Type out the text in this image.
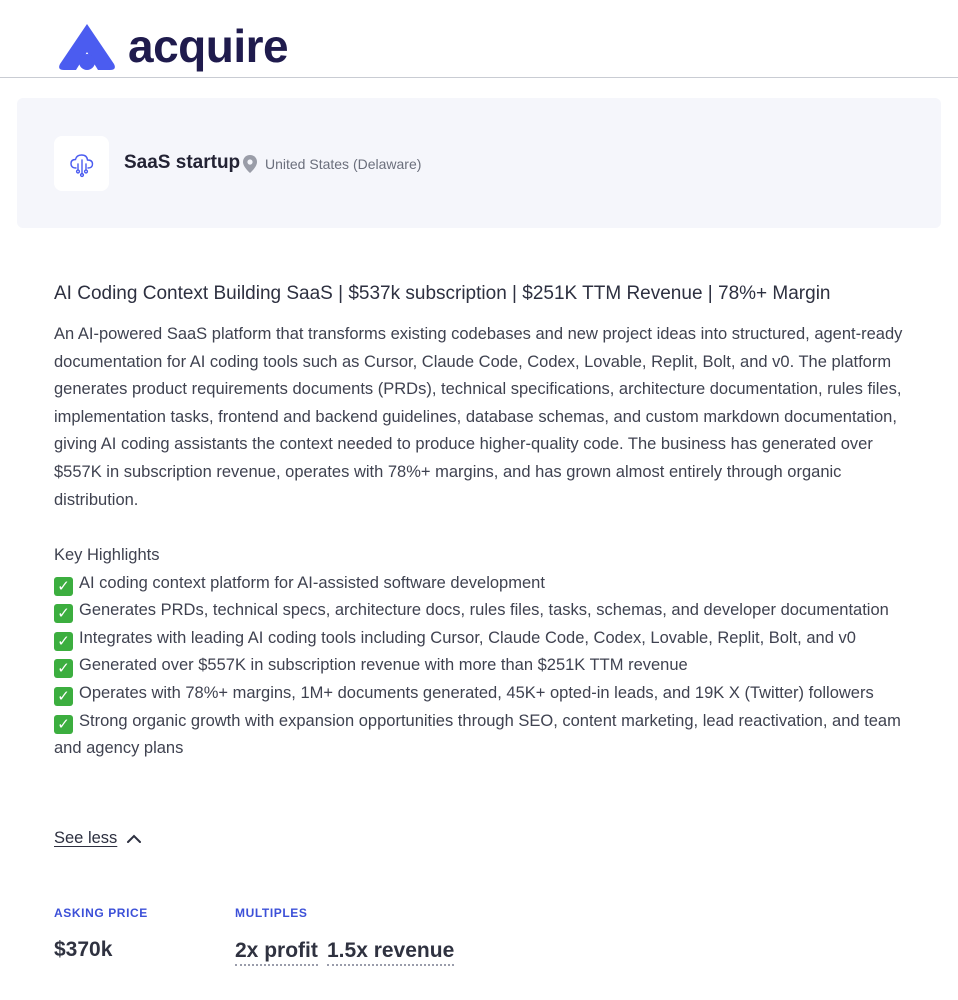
acquire
SaaS startup United States (Delaware)
AI Coding Context Building SaaS | $537k subscription | $251K TTM Revenue | 78%+ Margin

An AI-powered SaaS platform that transforms existing codebases and new project ideas into structured, agent-ready documentation for AI coding tools such as Cursor, Claude Code, Codex, Lovable, Replit, Bolt, and v0. The platform generates product requirements documents (PRDs), technical specifications, architecture documentation, rules files, implementation tasks, frontend and backend guidelines, database schemas, and custom markdown documentation, giving AI coding assistants the context needed to produce higher-quality code. The business has generated over $557K in subscription revenue, operates with 78%+ margins, and has grown almost entirely through organic distribution.

Key Highlights
✓ AI coding context platform for AI-assisted software development
✓ Generates PRDs, technical specs, architecture docs, rules files, tasks, schemas, and developer documentation
✓ Integrates with leading AI coding tools including Cursor, Claude Code, Codex, Lovable, Replit, Bolt, and v0
✓ Generated over $557K in subscription revenue with more than $251K TTM revenue
✓ Operates with 78%+ margins, 1M+ documents generated, 45K+ opted-in leads, and 19K X (Twitter) followers
✓ Strong organic growth with expansion opportunities through SEO, content marketing, lead reactivation, and team and agency plans
See less
ASKING PRICE
$370k
MULTIPLES
2x profit 1.5x revenue
